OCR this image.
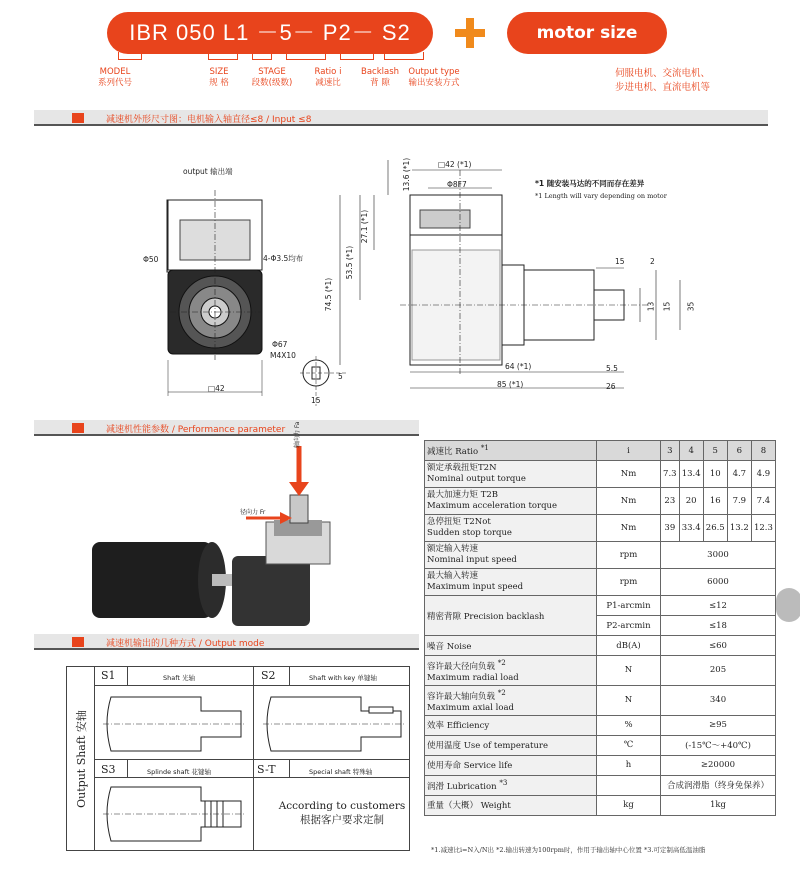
IBR 050 L1 －5－ P2－ S2	motor size
MODEL
系列代号
SIZE
规 格
STAGE
段数(级数)
Ratio i
减速比
Backlash
背 隙
Output type
输出安装方式
伺服电机、交流电机、
步进电机、直流电机等
减速机外形尺寸图：电机输入轴直径≤8 / Input ≤8
output 输出端
*1 随安装马达的不同而存在差异
*1 Length will vary depending on motor
Φ50	4-Φ3.5均布
Φ67
M4X10
□42
□42 (*1)
Φ8F7
13.6 (*1)
27.1 (*1)
53.5 (*1)
74.5 (*1)
15	2
13 15 35
64 (*1)	5.5
85 (*1)	26
5
15
减速机性能参数 / Performance parameter	轴向力 Fa
径向力 Fr
减速比 Ratio $^{*1}$	i	3	4	5	6	8

额定承载扭矩T2N
Nominal output torque	Nm	7.3	13.4	10	4.7	4.9

最大加速力矩 T2B
Maximum acceleration torque	Nm	23	20	16	7.9	7.4

急停扭矩 T2Not
Sudden stop torque	Nm	39	33.4	26.5	13.2	12.3

额定输入转速
Nominal input speed	rpm	3000				

最大输入转速
Maximum input speed	rpm	6000				
精密背隙 Precision backlash	P1-arcmin	≤12				
	P2-arcmin	≤18				
噪音 Noise	dB(A)	≤60				

容许最大径向负载 $^{*2}$
Maximum radial load	N	205				

容许最大轴向负载 $^{*2}$
Maximum axial load	N	340				
效率 Efficiency	%	≥95				
使用温度 Use of temperature	℃	(-15℃～+40℃)				
使用寿命 Service life	h	≥20000				
润滑 Lubrication $^{*3}$		合成润滑脂（终身免保养）				
重量（大概） Weight	kg	1kg				
*1.减速比i=N入/N出 *2.输出转速为100rpm时，作用于输出轴中心位置 *3.可定制高低温油脂
减速机输出的几种方式 / Output mode
Output Shaft 安轴
S1	Shaft 光轴	S2	Shaft with key 单键轴
S3	Splinde shaft 花键轴	S-T	Special shaft 特殊轴
According to customers
根据客户要求定制
